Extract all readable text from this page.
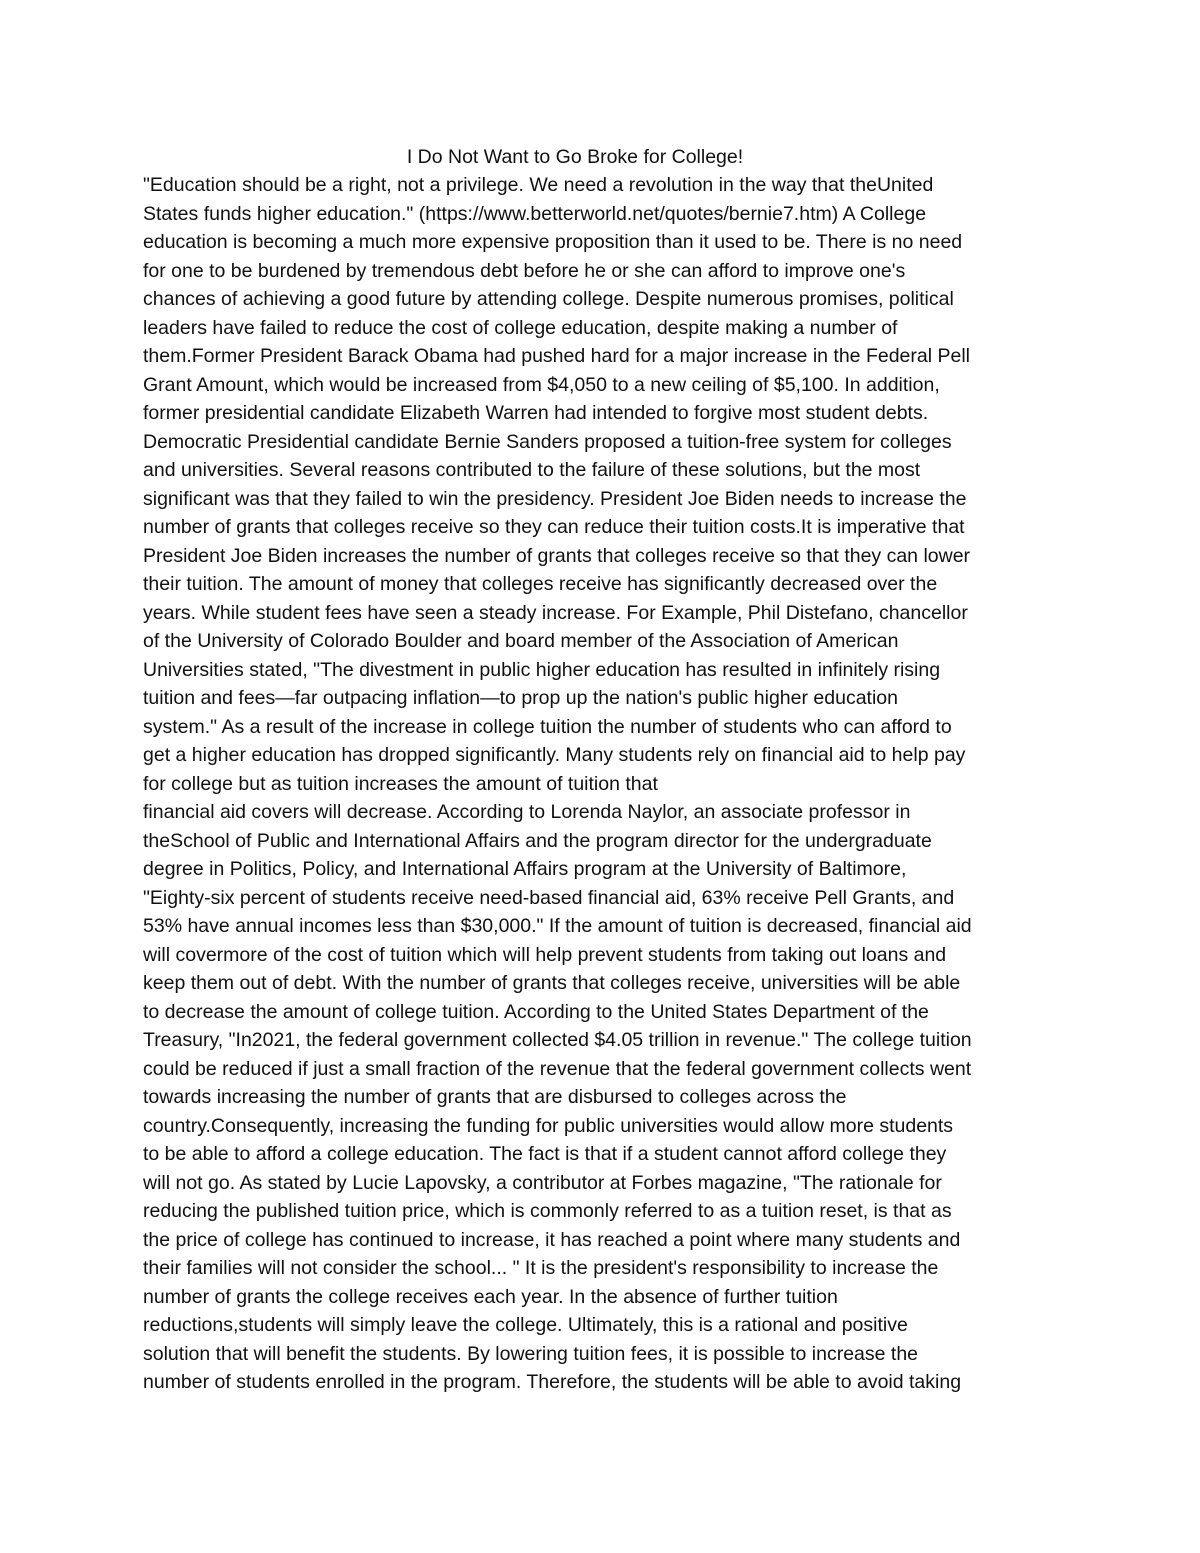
I Do Not Want to Go Broke for College!
"Education should be a right, not a privilege. We need a revolution in the way that theUnited
States funds higher education." (https://www.betterworld.net/quotes/bernie7.htm) A College
education is becoming a much more expensive proposition than it used to be. There is no need
for one to be burdened by tremendous debt before he or she can afford to improve one's
chances of achieving a good future by attending college. Despite numerous promises, political
leaders have failed to reduce the cost of college education, despite making a number of
them.Former President Barack Obama had pushed hard for a major increase in the Federal Pell
Grant Amount, which would be increased from $4,050 to a new ceiling of $5,100. In addition,
former presidential candidate Elizabeth Warren had intended to forgive most student debts.
Democratic Presidential candidate Bernie Sanders proposed a tuition-free system for colleges
and universities. Several reasons contributed to the failure of these solutions, but the most
significant was that they failed to win the presidency. President Joe Biden needs to increase the
number of grants that colleges receive so they can reduce their tuition costs.It is imperative that
President Joe Biden increases the number of grants that colleges receive so that they can lower
their tuition. The amount of money that colleges receive has significantly decreased over the
years. While student fees have seen a steady increase. For Example, Phil Distefano, chancellor
of the University of Colorado Boulder and board member of the Association of American
Universities stated, "The divestment in public higher education has resulted in infinitely rising
tuition and fees—far outpacing inflation—to prop up the nation's public higher education
system." As a result of the increase in college tuition the number of students who can afford to
get a higher education has dropped significantly. Many students rely on financial aid to help pay
for college but as tuition increases the amount of tuition that
financial aid covers will decrease. According to Lorenda Naylor, an associate professor in
theSchool of Public and International Affairs and the program director for the undergraduate
degree in Politics, Policy, and International Affairs program at the University of Baltimore,
"Eighty-six percent of students receive need-based financial aid, 63% receive Pell Grants, and
53% have annual incomes less than $30,000." If the amount of tuition is decreased, financial aid
will covermore of the cost of tuition which will help prevent students from taking out loans and
keep them out of debt. With the number of grants that colleges receive, universities will be able
to decrease the amount of college tuition. According to the United States Department of the
Treasury, "In2021, the federal government collected $4.05 trillion in revenue." The college tuition
could be reduced if just a small fraction of the revenue that the federal government collects went
towards increasing the number of grants that are disbursed to colleges across the
country.Consequently, increasing the funding for public universities would allow more students
to be able to afford a college education. The fact is that if a student cannot afford college they
will not go. As stated by Lucie Lapovsky, a contributor at Forbes magazine, "The rationale for
reducing the published tuition price, which is commonly referred to as a tuition reset, is that as
the price of college has continued to increase, it has reached a point where many students and
their families will not consider the school... " It is the president's responsibility to increase the
number of grants the college receives each year. In the absence of further tuition
reductions,students will simply leave the college. Ultimately, this is a rational and positive
solution that will benefit the students. By lowering tuition fees, it is possible to increase the
number of students enrolled in the program. Therefore, the students will be able to avoid taking
